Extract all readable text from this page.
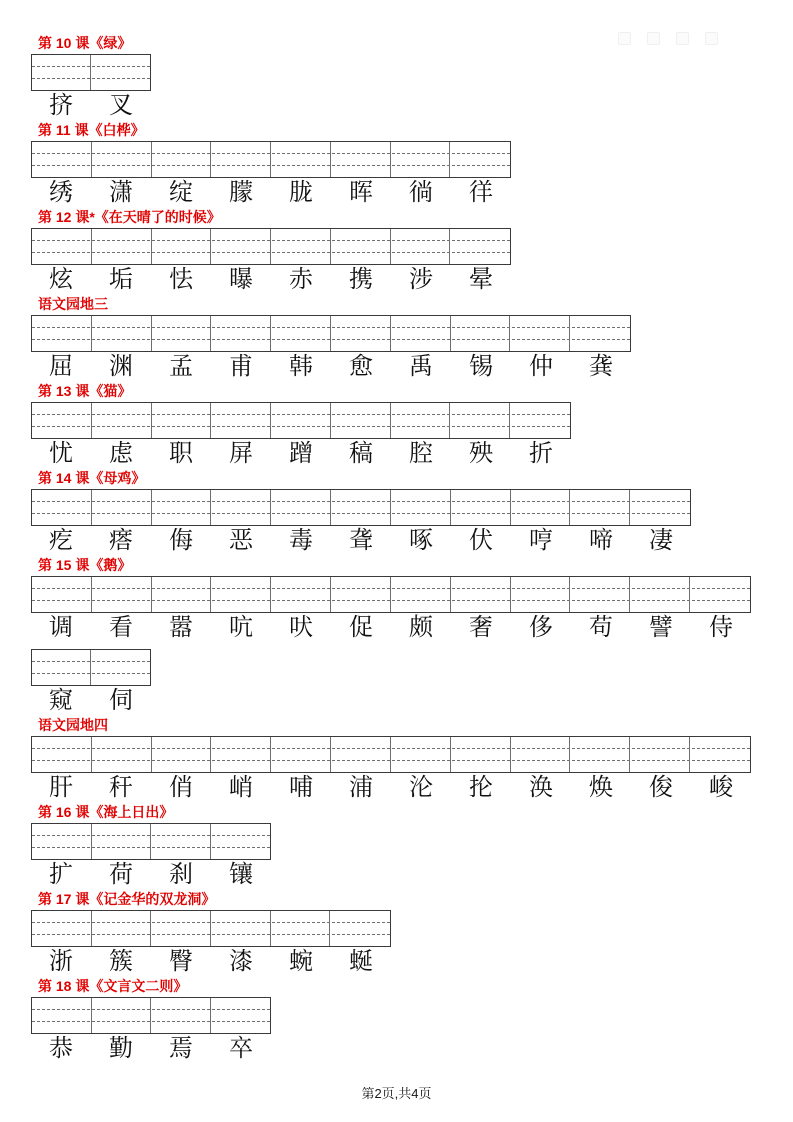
第 10 课《绿》
挤	叉
第 11 课《白桦》
绣	潇	绽	朦	胧	晖	徜	徉
第 12 课*《在天晴了的时候》
炫	垢	怯	曝	赤	携	涉	晕
语文园地三
屈	渊	孟	甫	韩	愈	禹	锡	仲	龚
第 13 课《猫》
忧	虑	职	屏	蹭	稿	腔	殃	折
第 14 课《母鸡》
疙	瘩	侮	恶	毒	聋	啄	伏	哼	啼	凄
第 15 课《鹅》
调	看	嚣	吭	吠	促	颇	奢	侈	苟	譬	侍
窥	伺
语文园地四
肝	秆	俏	峭	哺	浦	沦	抡	涣	焕	俊	峻
第 16 课《海上日出》
扩	荷	刹	镶
第 17 课《记金华的双龙洞》
浙	簇	臀	漆	蜿	蜒
第 18 课《文言文二则》
恭	勤	焉	卒
第2页,共4页
